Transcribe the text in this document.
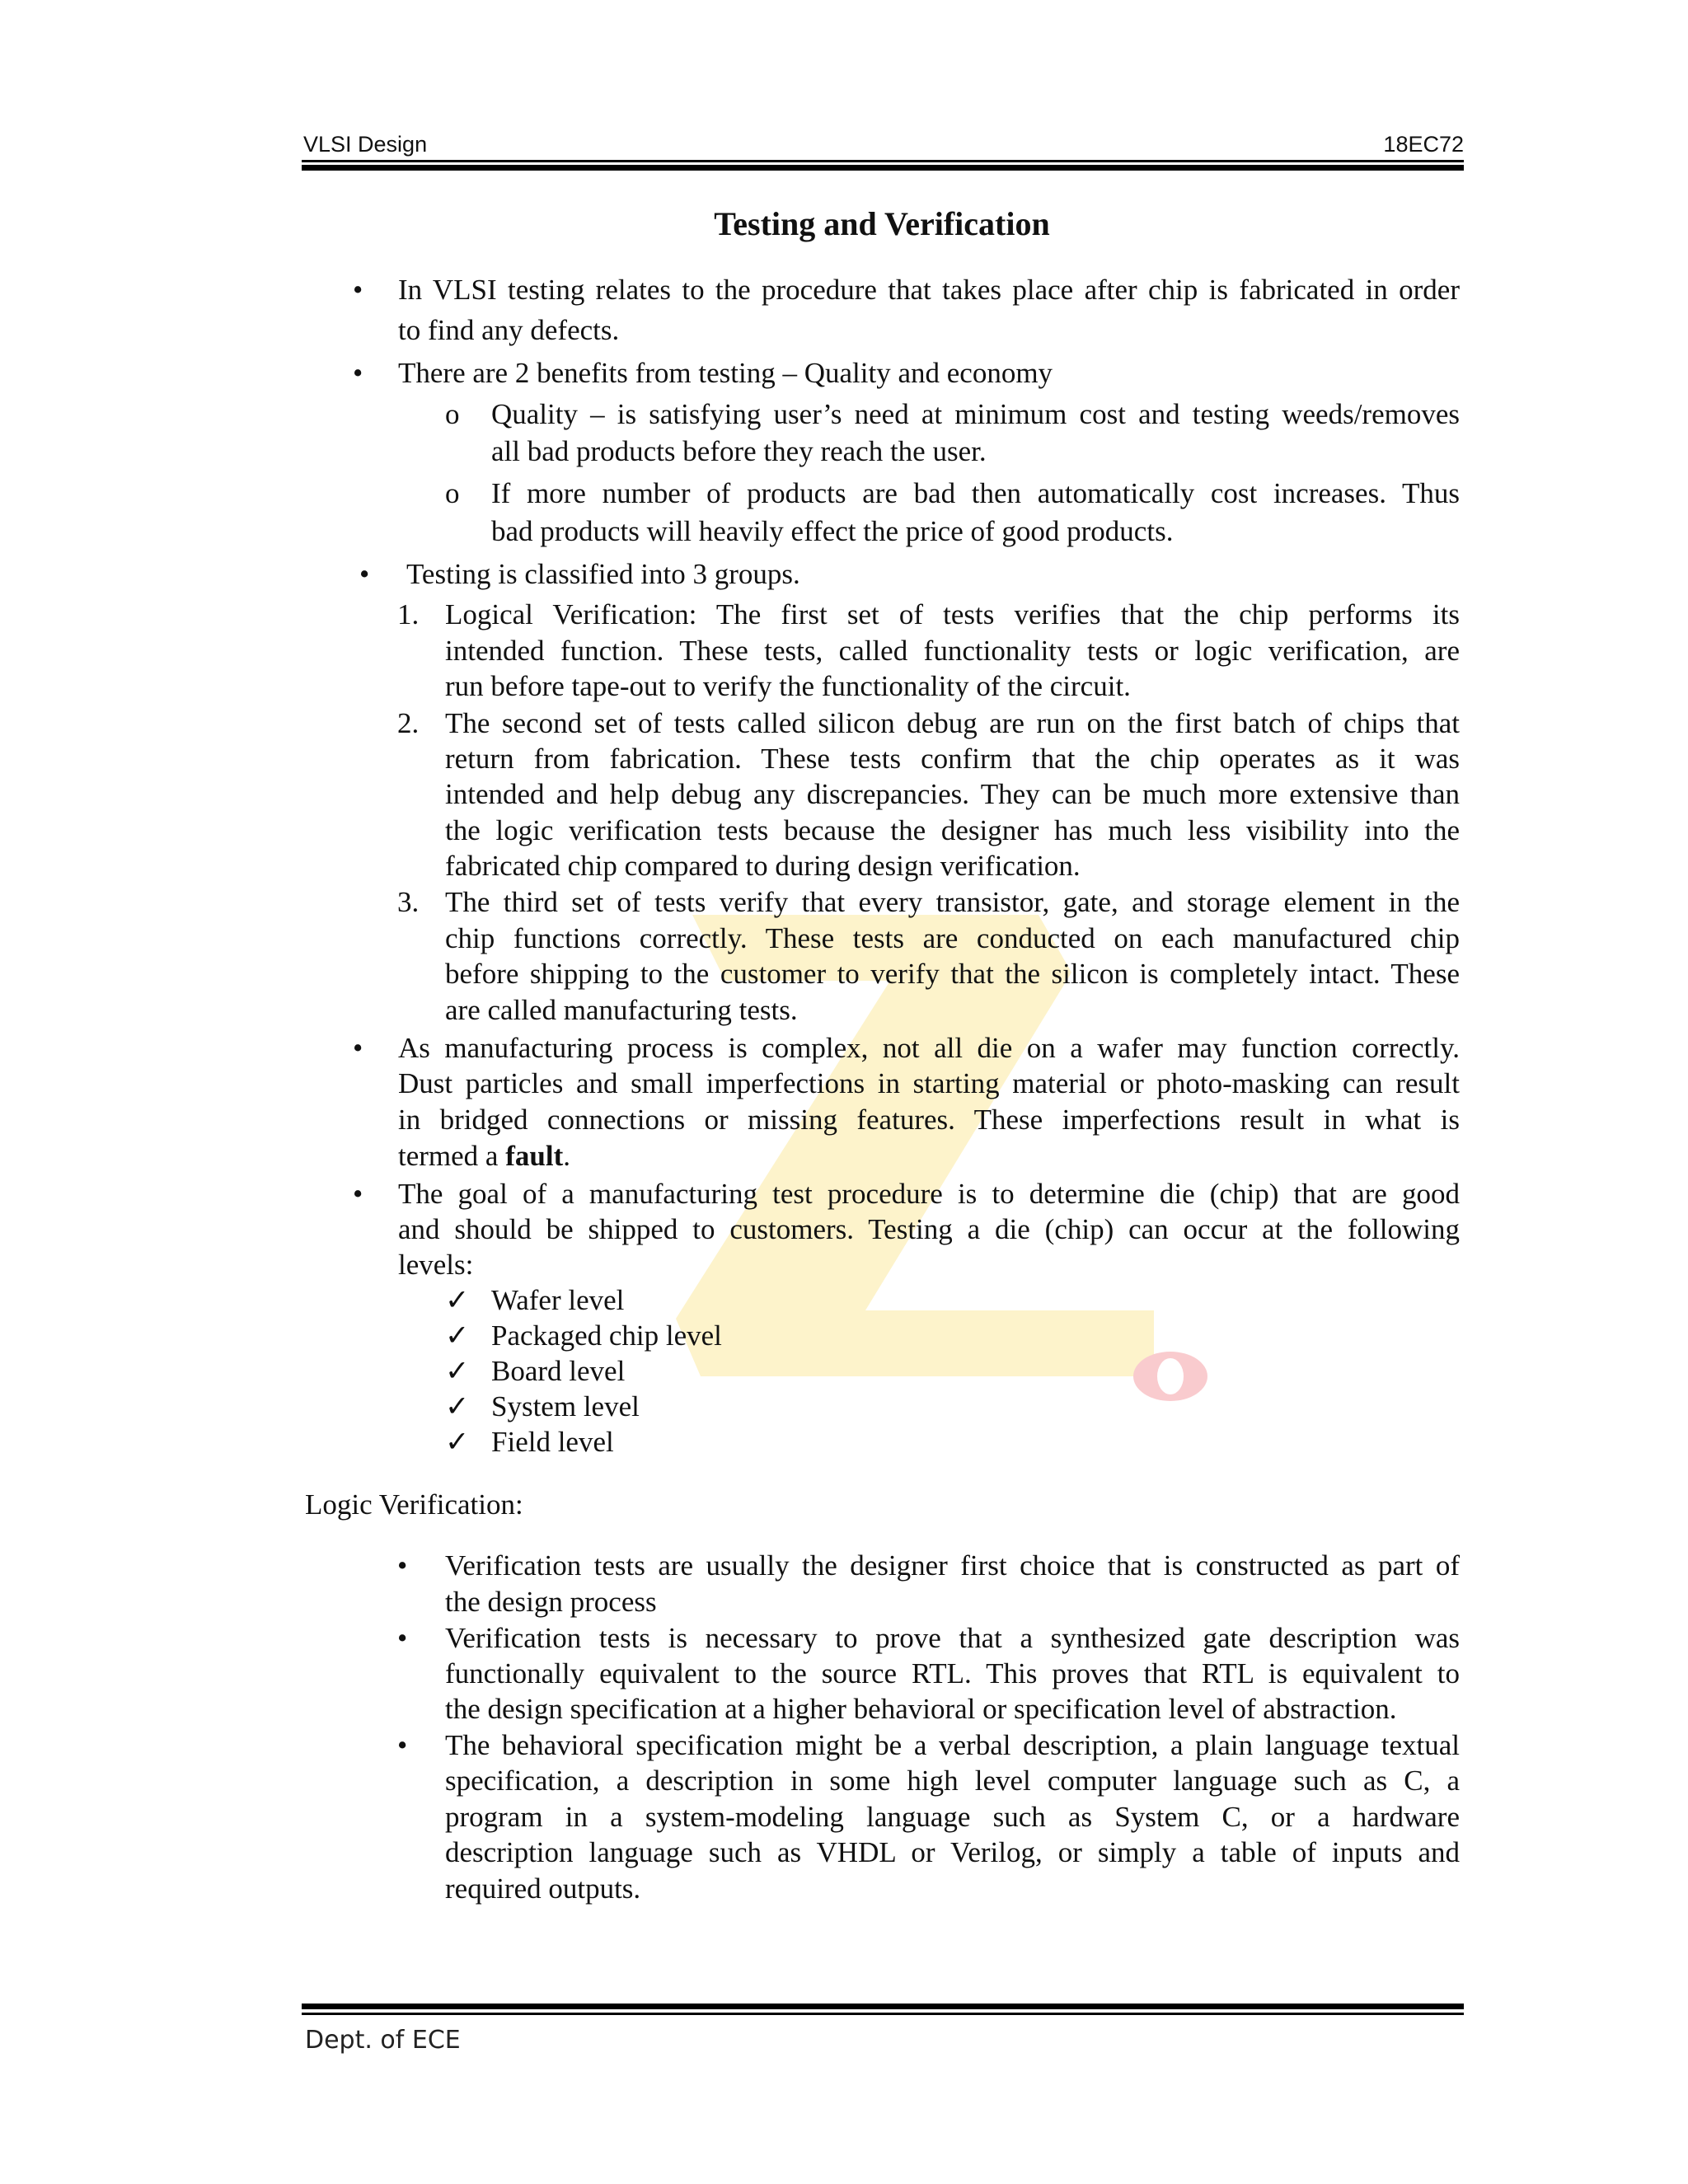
VLSI Design	18EC72
Testing and Verification
•
In VLSI testing relates to the procedure that takes place after chip is fabricated in order
to find any defects.
•
There are 2 benefits from testing – Quality and economy
o Quality – is satisfying user’s need at minimum cost and testing weeds/removes
all bad products before they reach the user.
o If more number of products are bad then automatically cost increases. Thus
bad products will heavily effect the price of good products.
•
Testing is classified into 3 groups.
1. Logical Verification: The first set of tests verifies that the chip performs its
intended function. These tests, called functionality tests or logic verification, are
run before tape-out to verify the functionality of the circuit.
2. The second set of tests called silicon debug are run on the first batch of chips that
return from fabrication. These tests confirm that the chip operates as it was
intended and help debug any discrepancies. They can be much more extensive than
the logic verification tests because the designer has much less visibility into the
fabricated chip compared to during design verification.
3. The third set of tests verify that every transistor, gate, and storage element in the
chip functions correctly. These tests are conducted on each manufactured chip
before shipping to the customer to verify that the silicon is completely intact. These
are called manufacturing tests.
•
As manufacturing process is complex, not all die on a wafer may function correctly.
Dust particles and small imperfections in starting material or photo-masking can result
in bridged connections or missing features. These imperfections result in what is
termed a fault.
•
The goal of a manufacturing test procedure is to determine die (chip) that are good
and should be shipped to customers. Testing a die (chip) can occur at the following
levels:
✓ Wafer level
✓ Packaged chip level
✓ Board level
✓ System level
✓ Field level
Logic Verification:
•
Verification tests are usually the designer first choice that is constructed as part of
the design process
•
Verification tests is necessary to prove that a synthesized gate description was
functionally equivalent to the source RTL. This proves that RTL is equivalent to
the design specification at a higher behavioral or specification level of abstraction.
•
The behavioral specification might be a verbal description, a plain language textual
specification, a description in some high level computer language such as C, a
program in a system-modeling language such as System C, or a hardware
description language such as VHDL or Verilog, or simply a table of inputs and
required outputs.
Dept. of ECE
